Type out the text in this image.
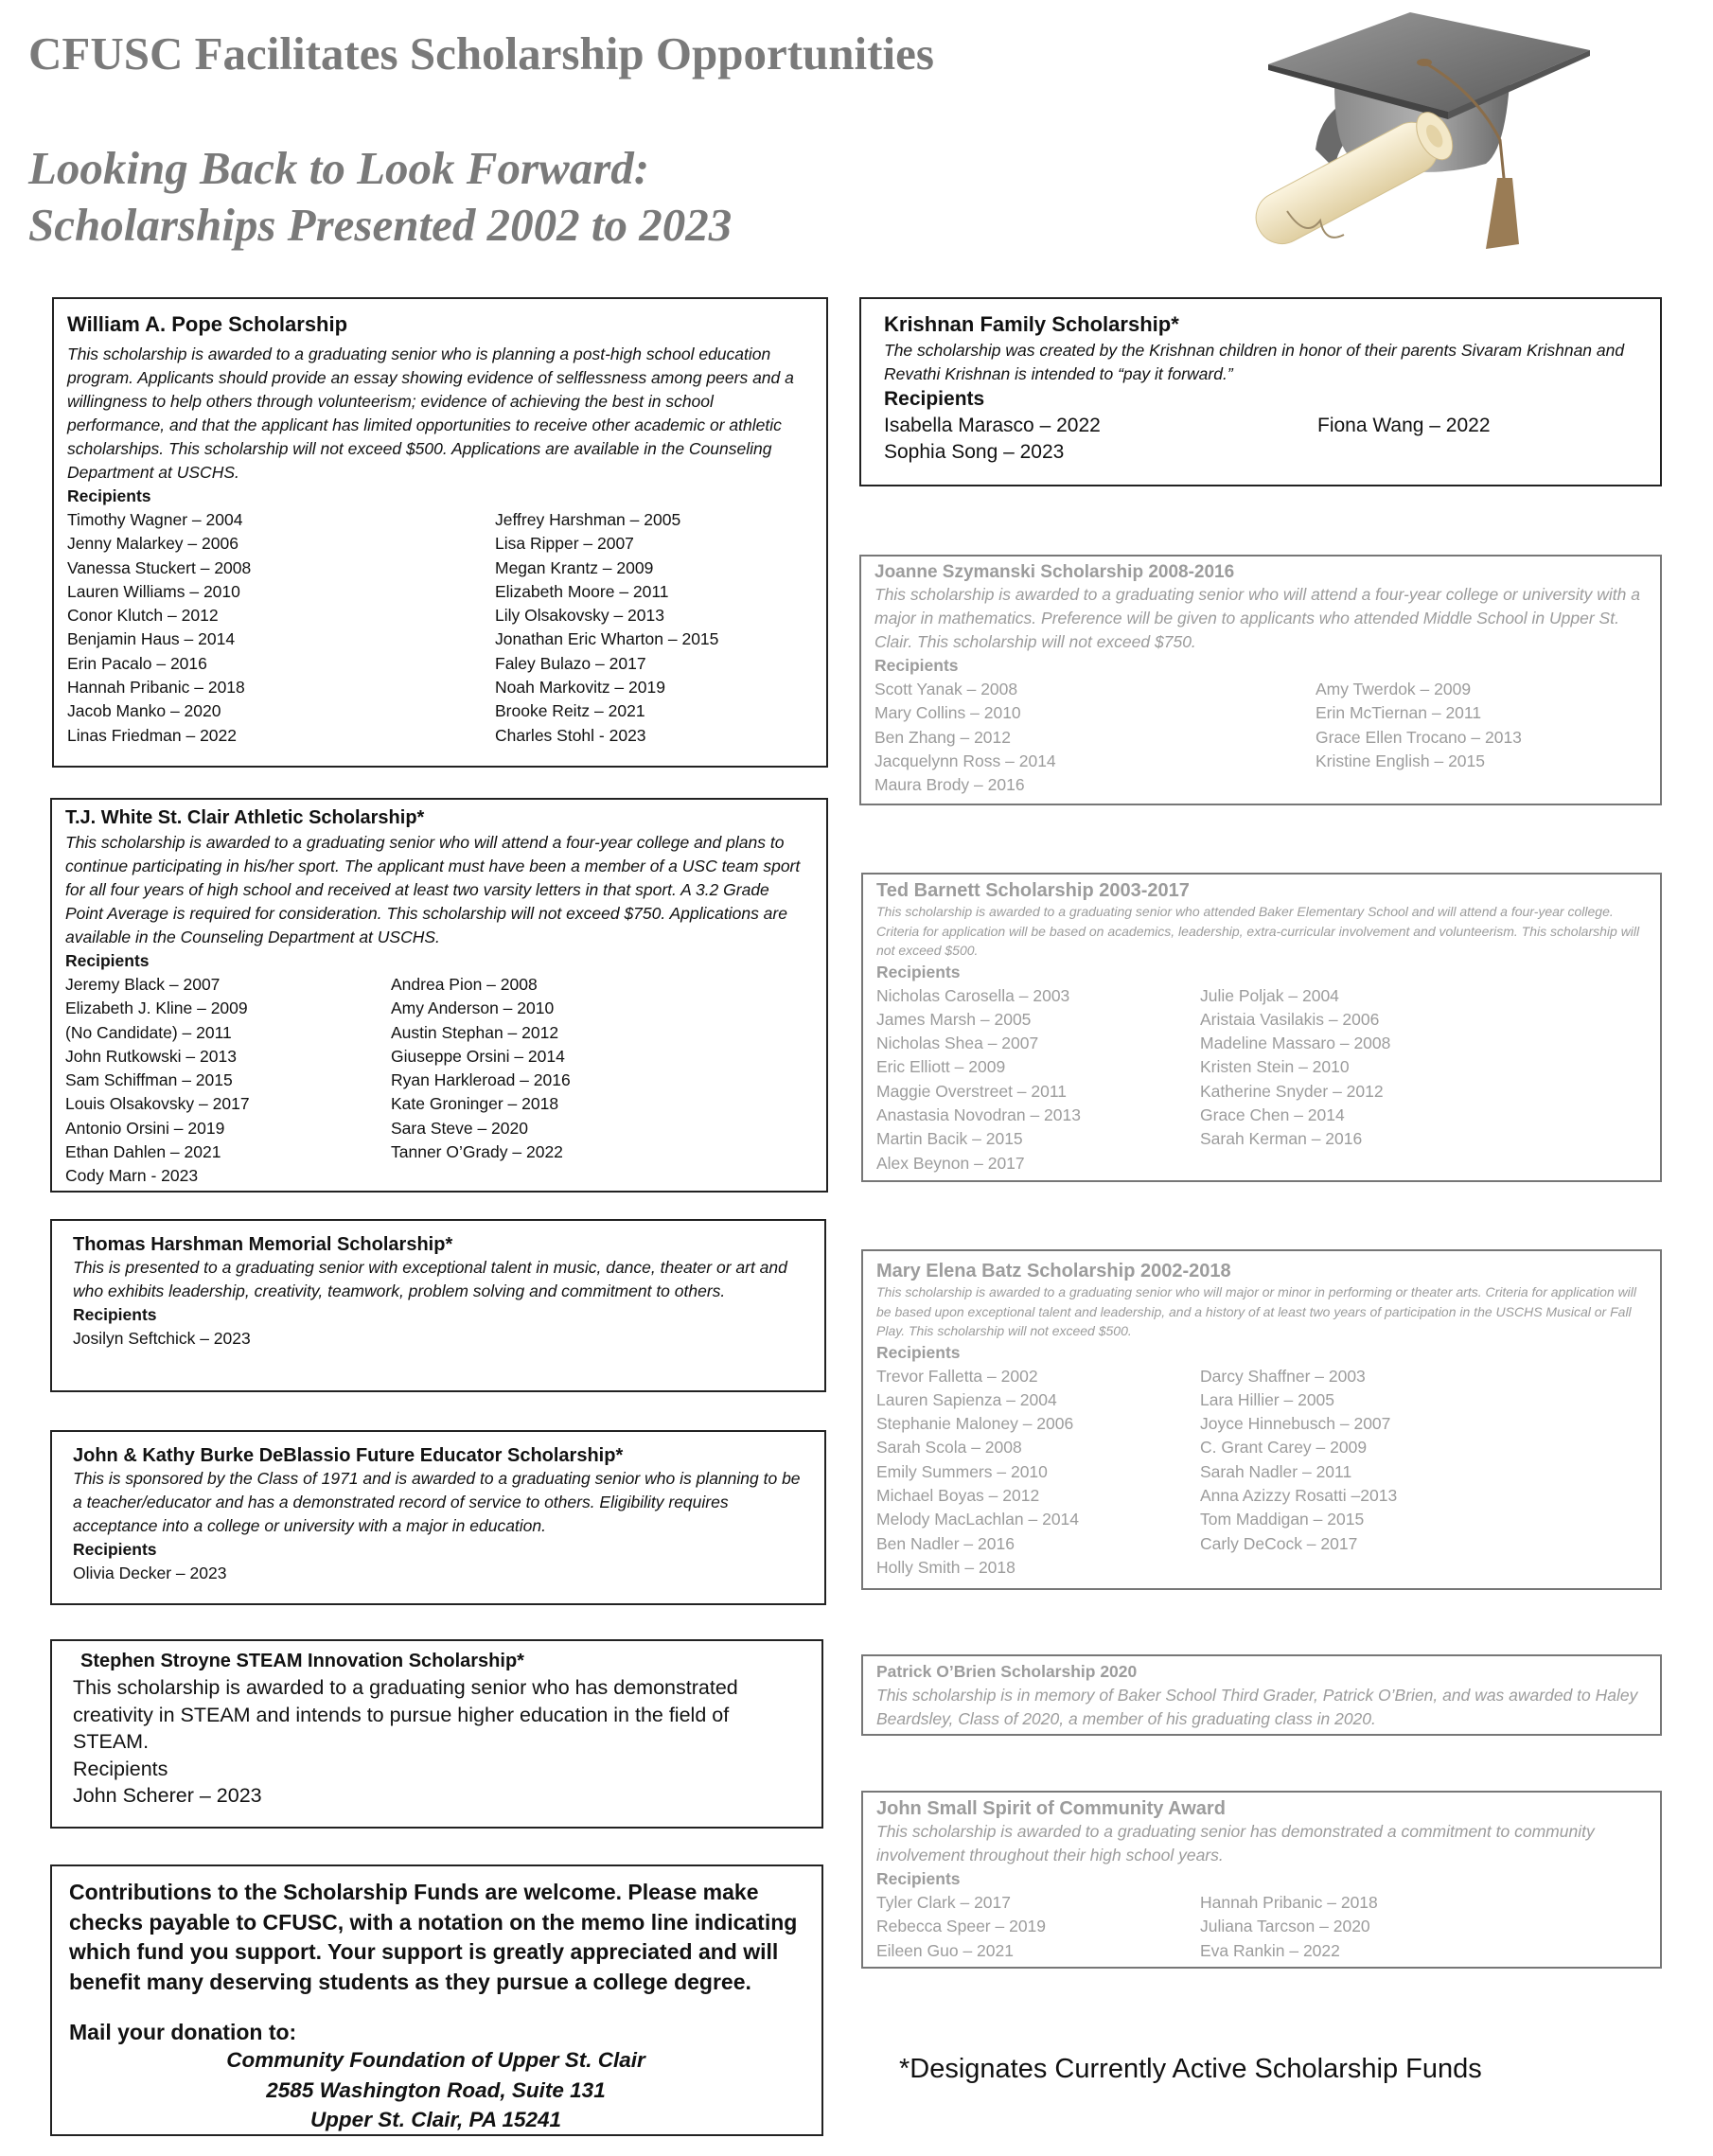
CFUSC Facilitates Scholarship Opportunities
Looking Back to Look Forward:
Scholarships Presented 2002 to 2023
William A. Pope Scholarship
This scholarship is awarded to a graduating senior who is planning a post-high school education program. Applicants should provide an essay showing evidence of selflessness among peers and a willingness to help others through volunteerism; evidence of achieving the best in school performance, and that the applicant has limited opportunities to receive other academic or athletic scholarships. This scholarship will not exceed $500. Applications are available in the Counseling Department at USCHS.
Recipients
Timothy Wagner – 2004	Jeffrey Harshman – 2005
Jenny Malarkey – 2006	Lisa Ripper – 2007
Vanessa Stuckert – 2008	Megan Krantz – 2009
Lauren Williams – 2010	Elizabeth Moore – 2011
Conor Klutch – 2012	Lily Olsakovsky – 2013
Benjamin Haus – 2014	Jonathan Eric Wharton – 2015
Erin Pacalo – 2016	Faley Bulazo – 2017
Hannah Pribanic – 2018	Noah Markovitz – 2019
Jacob Manko – 2020	Brooke Reitz – 2021
Linas Friedman – 2022	Charles Stohl - 2023
T.J. White St. Clair Athletic Scholarship*
This scholarship is awarded to a graduating senior who will attend a four-year college and plans to continue participating in his/her sport. The applicant must have been a member of a USC team sport for all four years of high school and received at least two varsity letters in that sport. A 3.2 Grade Point Average is required for consideration. This scholarship will not exceed $750. Applications are available in the Counseling Department at USCHS.
Recipients
Jeremy Black – 2007	Andrea Pion – 2008
Elizabeth J. Kline – 2009	Amy Anderson – 2010
(No Candidate) – 2011	Austin Stephan – 2012
John Rutkowski – 2013	Giuseppe Orsini – 2014
Sam Schiffman – 2015	Ryan Harkleroad – 2016
Louis Olsakovsky – 2017	Kate Groninger – 2018
Antonio Orsini – 2019	Sara Steve – 2020
Ethan Dahlen – 2021	Tanner O’Grady – 2022
Cody Marn - 2023
Thomas Harshman Memorial Scholarship*
This is presented to a graduating senior with exceptional talent in music, dance, theater or art and who exhibits leadership, creativity, teamwork, problem solving and commitment to others.
Recipients
Josilyn Seftchick – 2023
John & Kathy Burke DeBlassio Future Educator Scholarship*
This is sponsored by the Class of 1971 and is awarded to a graduating senior who is planning to be a teacher/educator and has a demonstrated record of service to others. Eligibility requires acceptance into a college or university with a major in education.
Recipients
Olivia Decker – 2023
Stephen Stroyne STEAM Innovation Scholarship*
This scholarship is awarded to a graduating senior who has demonstrated creativity in STEAM and intends to pursue higher education in the field of STEAM.
Recipients
John Scherer – 2023
Contributions to the Scholarship Funds are welcome. Please make checks payable to CFUSC, with a notation on the memo line indicating which fund you support. Your support is greatly appreciated and will benefit many deserving students as they pursue a college degree.
Mail your donation to:
Community Foundation of Upper St. Clair
2585 Washington Road, Suite 131
Upper St. Clair, PA 15241
Krishnan Family Scholarship*
The scholarship was created by the Krishnan children in honor of their parents Sivaram Krishnan and Revathi Krishnan is intended to “pay it forward.”
Recipients
Isabella Marasco – 2022	Fiona Wang – 2022
Sophia Song – 2023
Joanne Szymanski Scholarship 2008-2016
This scholarship is awarded to a graduating senior who will attend a four-year college or university with a major in mathematics. Preference will be given to applicants who attended Middle School in Upper St. Clair. This scholarship will not exceed $750.
Recipients
Scott Yanak – 2008	Amy Twerdok – 2009
Mary Collins – 2010	Erin McTiernan – 2011
Ben Zhang – 2012	Grace Ellen Trocano – 2013
Jacquelynn Ross – 2014	Kristine English – 2015
Maura Brody – 2016
Ted Barnett Scholarship 2003-2017
This scholarship is awarded to a graduating senior who attended Baker Elementary School and will attend a four-year college. Criteria for application will be based on academics, leadership, extra-curricular involvement and volunteerism. This scholarship will not exceed $500.
Recipients
Nicholas Carosella – 2003	Julie Poljak – 2004
James Marsh – 2005	Aristaia Vasilakis – 2006
Nicholas Shea – 2007	Madeline Massaro – 2008
Eric Elliott – 2009	Kristen Stein – 2010
Maggie Overstreet – 2011	Katherine Snyder – 2012
Anastasia Novodran – 2013	Grace Chen – 2014
Martin Bacik – 2015	Sarah Kerman – 2016
Alex Beynon – 2017
Mary Elena Batz Scholarship 2002-2018
This scholarship is awarded to a graduating senior who will major or minor in performing or theater arts. Criteria for application will be based upon exceptional talent and leadership, and a history of at least two years of participation in the USCHS Musical or Fall Play. This scholarship will not exceed $500.
Recipients
Trevor Falletta – 2002	Darcy Shaffner – 2003
Lauren Sapienza – 2004	Lara Hillier – 2005
Stephanie Maloney – 2006	Joyce Hinnebusch – 2007
Sarah Scola – 2008	C. Grant Carey – 2009
Emily Summers – 2010	Sarah Nadler – 2011
Michael Boyas – 2012	Anna Azizzy Rosatti –2013
Melody MacLachlan – 2014	Tom Maddigan – 2015
Ben Nadler – 2016	Carly DeCock – 2017
Holly Smith – 2018
Patrick O’Brien Scholarship 2020
This scholarship is in memory of Baker School Third Grader, Patrick O’Brien, and was awarded to Haley Beardsley, Class of 2020, a member of his graduating class in 2020.
John Small Spirit of Community Award
This scholarship is awarded to a graduating senior has demonstrated a commitment to community involvement throughout their high school years.
Recipients
Tyler Clark – 2017	Hannah Pribanic – 2018
Rebecca Speer – 2019	Juliana Tarcson – 2020
Eileen Guo – 2021	Eva Rankin – 2022
*Designates Currently Active Scholarship Funds
